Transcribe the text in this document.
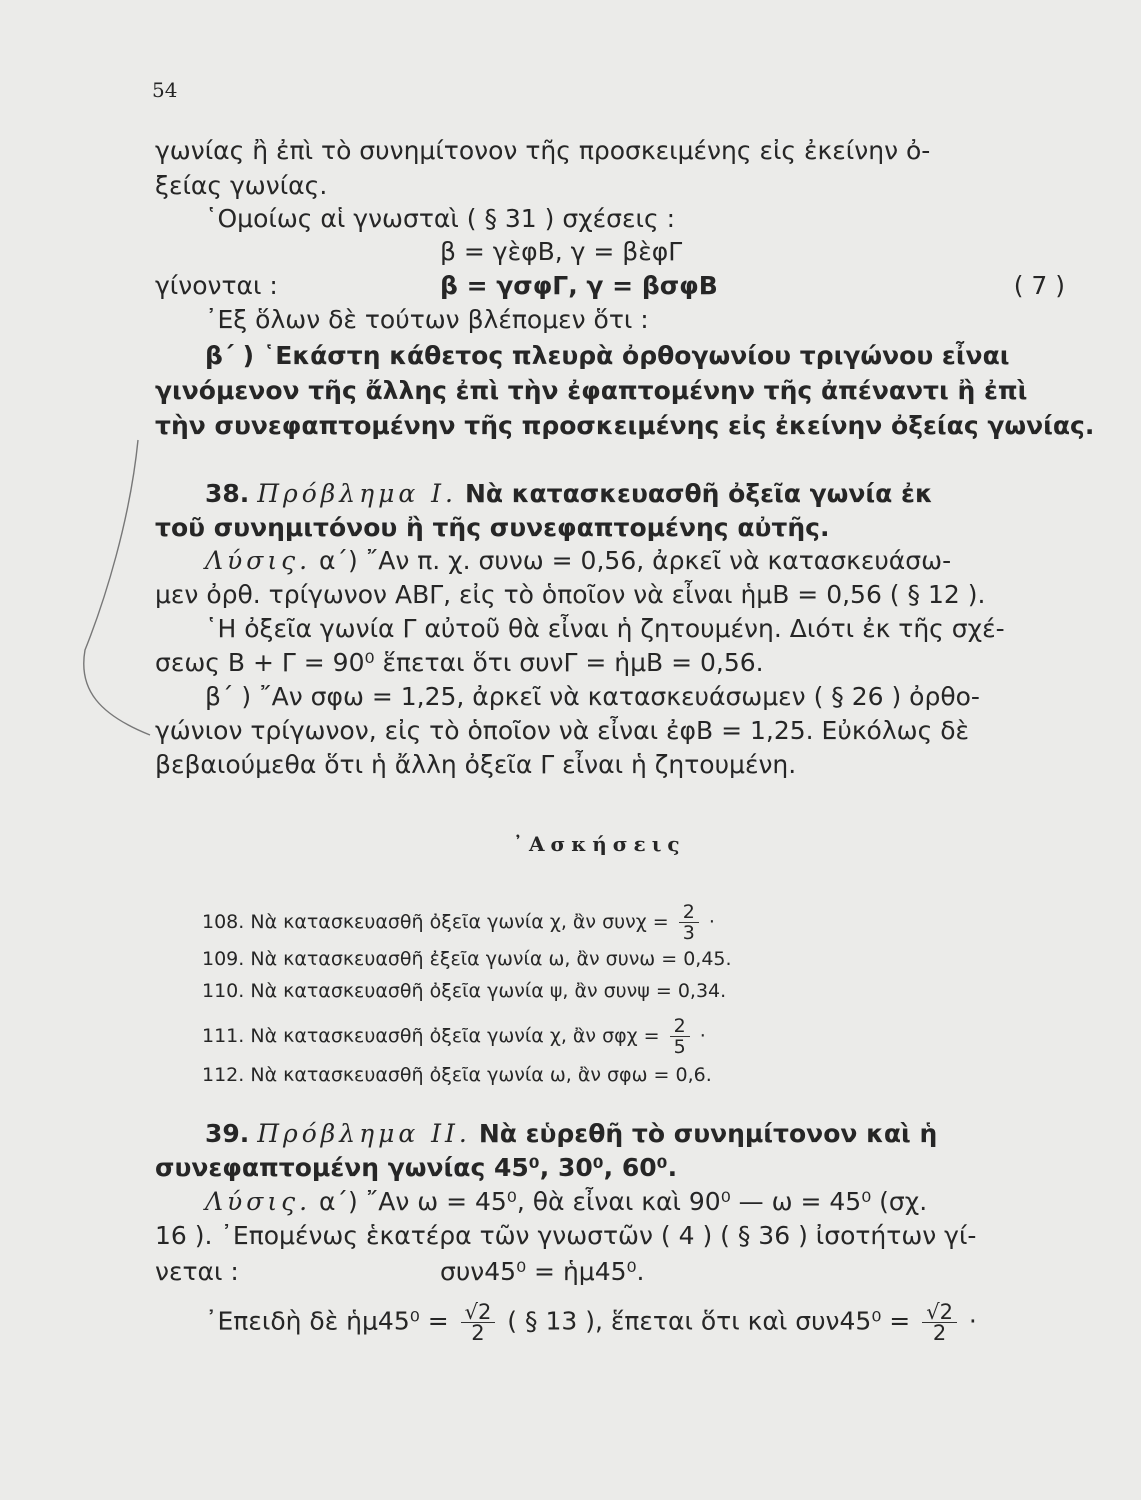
54
γωνίας ἢ ἐπὶ τὸ συνημίτονον τῆς προσκειμένης εἰς ἐκείνην ὀ-
ξείας γωνίας.
῾Ομοίως αἱ γνωσταὶ ( § 31 ) σχέσεις :
β = γὲφΒ, γ = βὲφΓ
γίνονται :	β = γσφΓ, γ = βσφΒ	( 7 )
᾿Εξ ὅλων δὲ τούτων βλέπομεν ὅτι :
β΄ ) ῾Εκάστη κάθετος πλευρὰ ὀρθογωνίου τριγώνου εἶναι
γινόμενον τῆς ἄλλης ἐπὶ τὴν ἐφαπτομένην τῆς ἀπέναντι ἢ ἐπὶ
τὴν συνεφαπτομένην τῆς προσκειμένης εἰς ἐκείνην ὀξείας γωνίας.
38. Πρόβλημα Ι. Νὰ κατασκευασθῆ ὀξεῖα γωνία ἐκ
τοῦ συνημιτόνου ἢ τῆς συνεφαπτομένης αὐτῆς.
Λύσις. α΄) ῎Αν π. χ. συνω = 0,56, ἀρκεῖ νὰ κατασκευάσω-
μεν ὀρθ. τρίγωνον ΑΒΓ, εἰς τὸ ὁποῖον νὰ εἶναι ἡμΒ = 0,56 ( § 12 ).
῾Η ὀξεῖα γωνία Γ αὐτοῦ θὰ εἶναι ἡ ζητουμένη. Διότι ἐκ τῆς σχέ-
σεως Β + Γ = 90⁰ ἕπεται ὅτι συνΓ = ἡμΒ = 0,56.
β΄ ) ῎Αν σφω = 1,25, ἀρκεῖ νὰ κατασκευάσωμεν ( § 26 ) ὀρθο-
γώνιον τρίγωνον, εἰς τὸ ὁποῖον νὰ εἶναι ἐφΒ = 1,25. Εὐκόλως δὲ
βεβαιούμεθα ὅτι ἡ ἄλλη ὀξεῖα Γ εἶναι ἡ ζητουμένη.
᾿Ασκήσεις
108. Νὰ κατασκευασθῆ ὀξεῖα γωνία χ, ἂν $\sigma\upsilon\nu\chi = \frac{2}{3}$ ·
109. Νὰ κατασκευασθῆ ἐξεῖα γωνία ω, ἂν συνω = 0,45.
110. Νὰ κατασκευασθῆ ὀξεῖα γωνία ψ, ἂν συνψ = 0,34.
111. Νὰ κατασκευασθῆ ὀξεῖα γωνία χ, ἂν $\sigma\varphi\chi = \frac{2}{5}$ ·
112. Νὰ κατασκευασθῆ ὀξεῖα γωνία ω, ἂν σφω = 0,6.
39. Πρόβλημα ΙΙ. Νὰ εὑρεθῆ τὸ συνημίτονον καὶ ἡ
συνεφαπτομένη γωνίας 45⁰, 30⁰, 60⁰.
Λύσις. α΄) ῎Αν ω = 45⁰, θὰ εἶναι καὶ 90⁰ — ω = 45⁰ (σχ.
16 ). ᾿Επομένως ἑκατέρα τῶν γνωστῶν ( 4 ) ( § 36 ) ἰσοτήτων γί-
νεται :	συν45⁰ = ἡμ45⁰.
᾿Επειδὴ δὲ ἡμ45⁰ = $\frac{√2}{2}$ ( § 13 ), ἕπεται ὅτι καὶ $\sigma\upsilon\nu 45^0 = \frac{√2}{2}$ ·
